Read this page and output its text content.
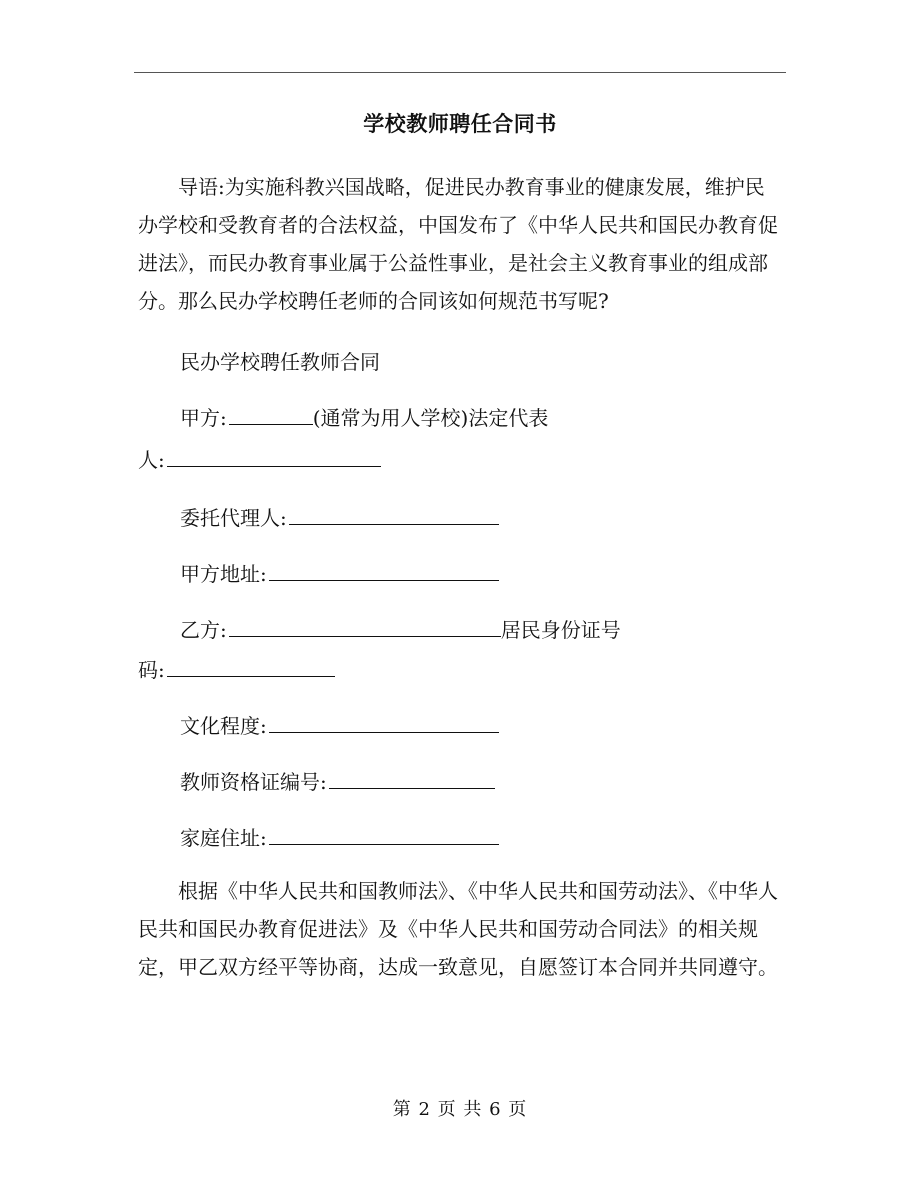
学校教师聘任合同书

导语:为实施科教兴国战略，促进民办教育事业的健康发展，维护民办学校和受教育者的合法权益，中国发布了《中华人民共和国民办教育促进法》，而民办教育事业属于公益性事业，是社会主义教育事业的组成部分。那么民办学校聘任老师的合同该如何规范书写呢?

民办学校聘任教师合同

甲方:	(通常为用人学校)法定代表

人:

委托代理人:

甲方地址:

乙方:	居民身份证号

码:

文化程度:

教师资格证编号:

家庭住址:

根据《中华人民共和国教师法》、《中华人民共和国劳动法》、《中华人民共和国民办教育促进法》及《中华人民共和国劳动合同法》的相关规定，甲乙双方经平等协商，达成一致意见，自愿签订本合同并共同遵守。

第 2 页 共 6 页
